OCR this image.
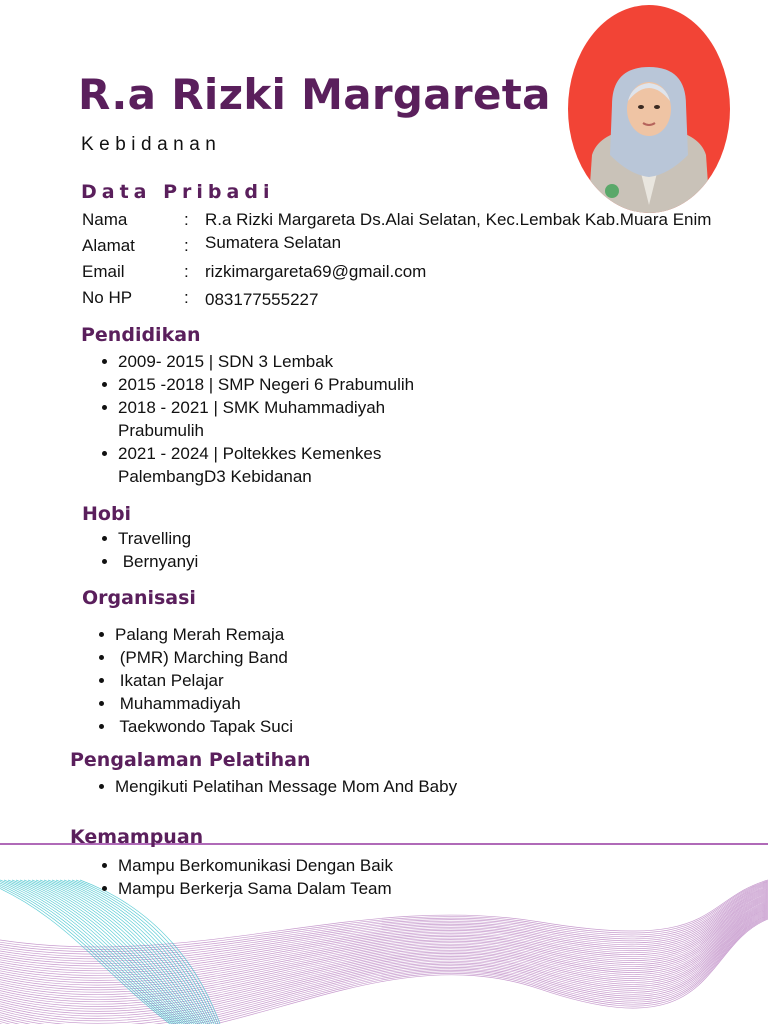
R.a Rizki Margareta
Kebidanan
Data Pribadi
Nama	: R.a Rizki Margareta Ds.Alai Selatan, Kec.Lembak Kab.Muara Enim
Alamat	: Sumatera Selatan
Email	: rizkimargareta69@gmail.com
No HP	: 083177555227
Pendidikan
2009- 2015 | SDN 3 Lembak
2015 -2018 | SMP Negeri 6 Prabumulih
2018 - 2021 | SMK Muhammadiyah Prabumulih
2021 - 2024 | Poltekkes Kemenkes PalembangD3 Kebidanan
Hobi
Travelling
Bernyanyi
Organisasi
Palang Merah Remaja
(PMR) Marching Band
Ikatan Pelajar
Muhammadiyah
Taekwondo Tapak Suci
Pengalaman Pelatihan
Mengikuti Pelatihan Message Mom And Baby
Kemampuan
Mampu Berkomunikasi Dengan Baik
Mampu Berkerja Sama Dalam Team
